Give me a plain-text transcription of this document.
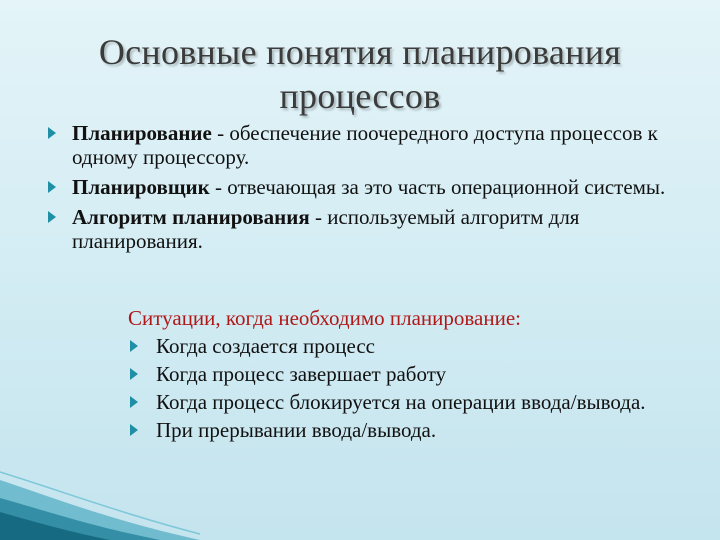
Основные понятия планирования процессов
Планирование - обеспечение поочередного доступа процессов к одному процессору.
Планировщик - отвечающая за это часть операционной системы.
Алгоритм планирования - используемый алгоритм для планирования.
Ситуации, когда необходимо планирование:
Когда создается процесс
Когда процесс завершает работу
Когда процесс блокируется на операции ввода/вывода.
При прерывании ввода/вывода.
